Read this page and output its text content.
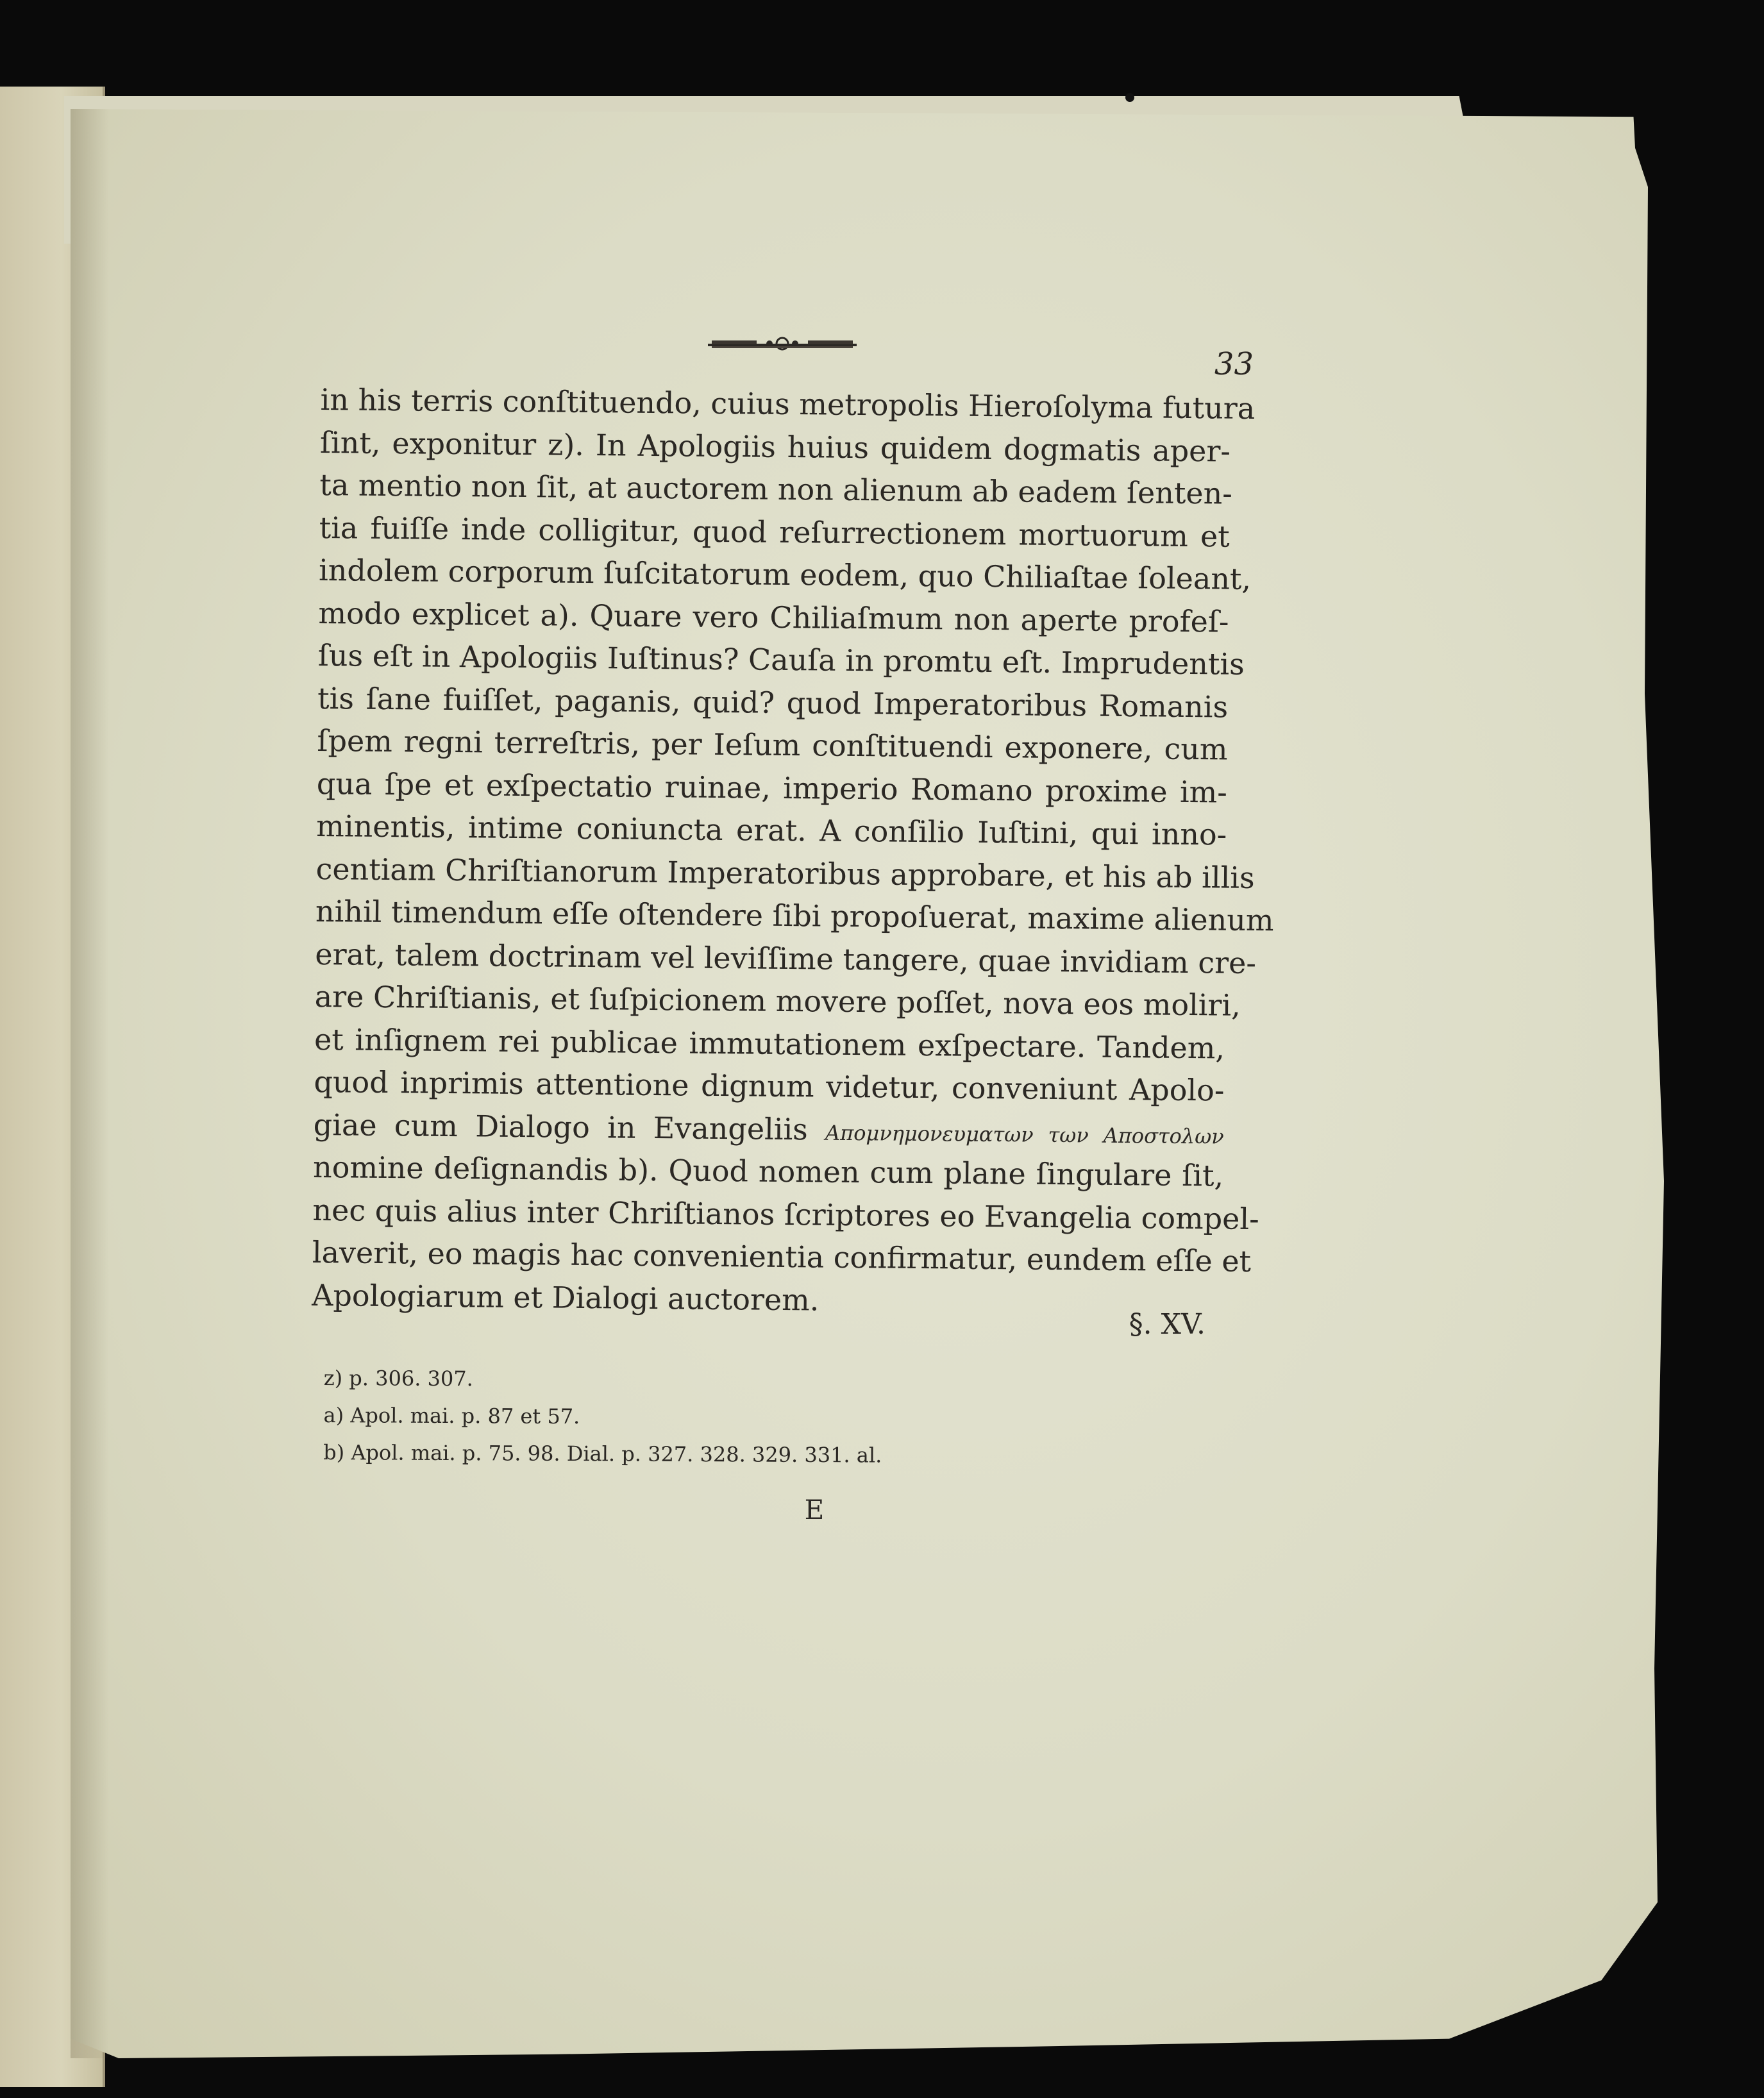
33
in his terris conſtituendo, cuius metropolis Hieroſolyma futura
ſint, exponitur z). In Apologiis huius quidem dogmatis aper-
ta mentio non ſit, at auctorem non alienum ab eadem ſenten-
tia fuiſſe inde colligitur, quod reſurrectionem mortuorum et
indolem corporum ſuſcitatorum eodem, quo Chiliaſtae ſoleant,
modo explicet a). Quare vero Chiliaſmum non aperte profeſ-
ſus eſt in Apologiis Iuſtinus? Cauſa in promtu eſt. Imprudentis
tis ſane fuiſſet, paganis, quid? quod Imperatoribus Romanis
ſpem regni terreſtris, per Ieſum conſtituendi exponere, cum
qua ſpe et exſpectatio ruinae, imperio Romano proxime im-
minentis, intime coniuncta erat. A conſilio Iuſtini, qui inno-
centiam Chriſtianorum Imperatoribus approbare, et his ab illis
nihil timendum eſſe oſtendere ſibi propoſuerat, maxime alienum
erat, talem doctrinam vel leviſſime tangere, quae invidiam cre-
are Chriſtianis, et ſuſpicionem movere poſſet, nova eos moliri,
et inſignem rei publicae immutationem exſpectare. Tandem,
quod inprimis attentione dignum videtur, conveniunt Apolo-
giae cum Dialogo in Evangeliis Απομνημονευματων των Αποστολων
nomine deſignandis b). Quod nomen cum plane ſingulare ſit,
nec quis alius inter Chriſtianos ſcriptores eo Evangelia compel-
laverit, eo magis hac convenientia confirmatur, eundem eſſe et
Apologiarum et Dialogi auctorem.
§. XV.
z) p. 306. 307.
a) Apol. mai. p. 87 et 57.
b) Apol. mai. p. 75. 98. Dial. p. 327. 328. 329. 331. al.
E
